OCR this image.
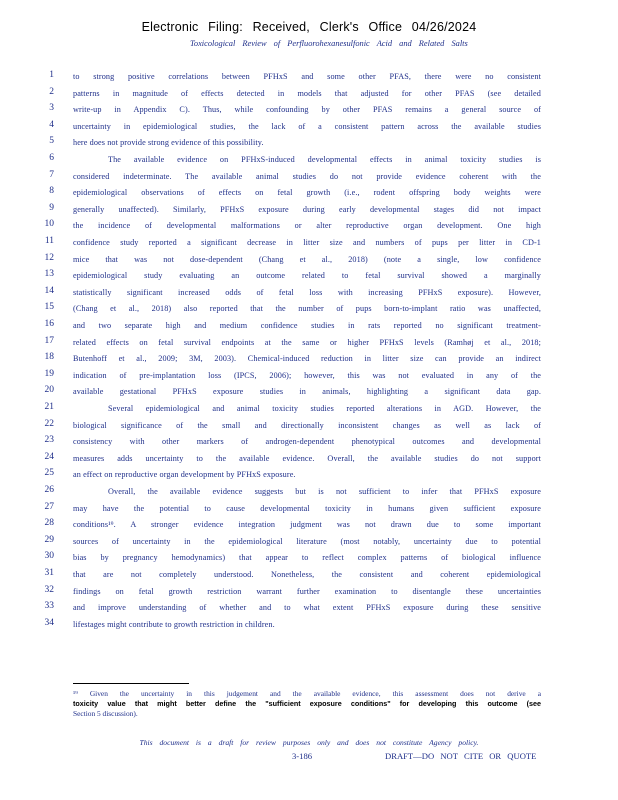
Electronic Filing: Received, Clerk's Office 04/26/2024
Toxicological Review of Perfluorohexanesulfonic Acid and Related Salts
1 to strong positive correlations between PFHxS and some other PFAS, there were no consistent
2 patterns in magnitude of effects detected in models that adjusted for other PFAS (see detailed
3 write-up in Appendix C). Thus, while confounding by other PFAS remains a general source of
4 uncertainty in epidemiological studies, the lack of a consistent pattern across the available studies
5 here does not provide strong evidence of this possibility.
6	The available evidence on PFHxS-induced developmental effects in animal toxicity studies is
7 considered indeterminate. The available animal studies do not provide evidence coherent with the
8 epidemiological observations of effects on fetal growth (i.e., rodent offspring body weights were
9 generally unaffected). Similarly, PFHxS exposure during early developmental stages did not impact
10 the incidence of developmental malformations or alter reproductive organ development. One high
11 confidence study reported a significant decrease in litter size and numbers of pups per litter in CD-1
12 mice that was not dose-dependent (Chang et al., 2018) (note a single, low confidence
13 epidemiological study evaluating an outcome related to fetal survival showed a marginally
14 statistically significant increased odds of fetal loss with increasing PFHxS exposure). However,
15 (Chang et al., 2018) also reported that the number of pups born-to-implant ratio was unaffected,
16 and two separate high and medium confidence studies in rats reported no significant treatment-
17 related effects on fetal survival endpoints at the same or higher PFHxS levels (Ramhøj et al., 2018;
18 Butenhoff et al., 2009; 3M, 2003). Chemical-induced reduction in litter size can provide an indirect
19 indication of pre-implantation loss (IPCS, 2006); however, this was not evaluated in any of the
20 available gestational PFHxS exposure studies in animals, highlighting a significant data gap.
21	Several epidemiological and animal toxicity studies reported alterations in AGD. However, the
22 biological significance of the small and directionally inconsistent changes as well as lack of
23 consistency with other markers of androgen-dependent phenotypical outcomes and developmental
24 measures adds uncertainty to the available evidence. Overall, the available studies do not support
25 an effect on reproductive organ development by PFHxS exposure.
26	Overall, the available evidence suggests but is not sufficient to infer that PFHxS exposure
27 may have the potential to cause developmental toxicity in humans given sufficient exposure
28 conditions¹⁹. A stronger evidence integration judgment was not drawn due to some important
29 sources of uncertainty in the epidemiological literature (most notably, uncertainty due to potential
30 bias by pregnancy hemodynamics) that appear to reflect complex patterns of biological influence
31 that are not completely understood. Nonetheless, the consistent and coherent epidemiological
32 findings on fetal growth restriction warrant further examination to disentangle these uncertainties
33 and improve understanding of whether and to what extent PFHxS exposure during these sensitive
34 lifestages might contribute to growth restriction in children.
¹⁹ Given the uncertainty in this judgement and the available evidence, this assessment does not derive a
toxicity value that might better define the "sufficient exposure conditions" for developing this outcome (see
Section 5 discussion).
This document is a draft for review purposes only and does not constitute Agency policy.
3-186	DRAFT—DO NOT CITE OR QUOTE
